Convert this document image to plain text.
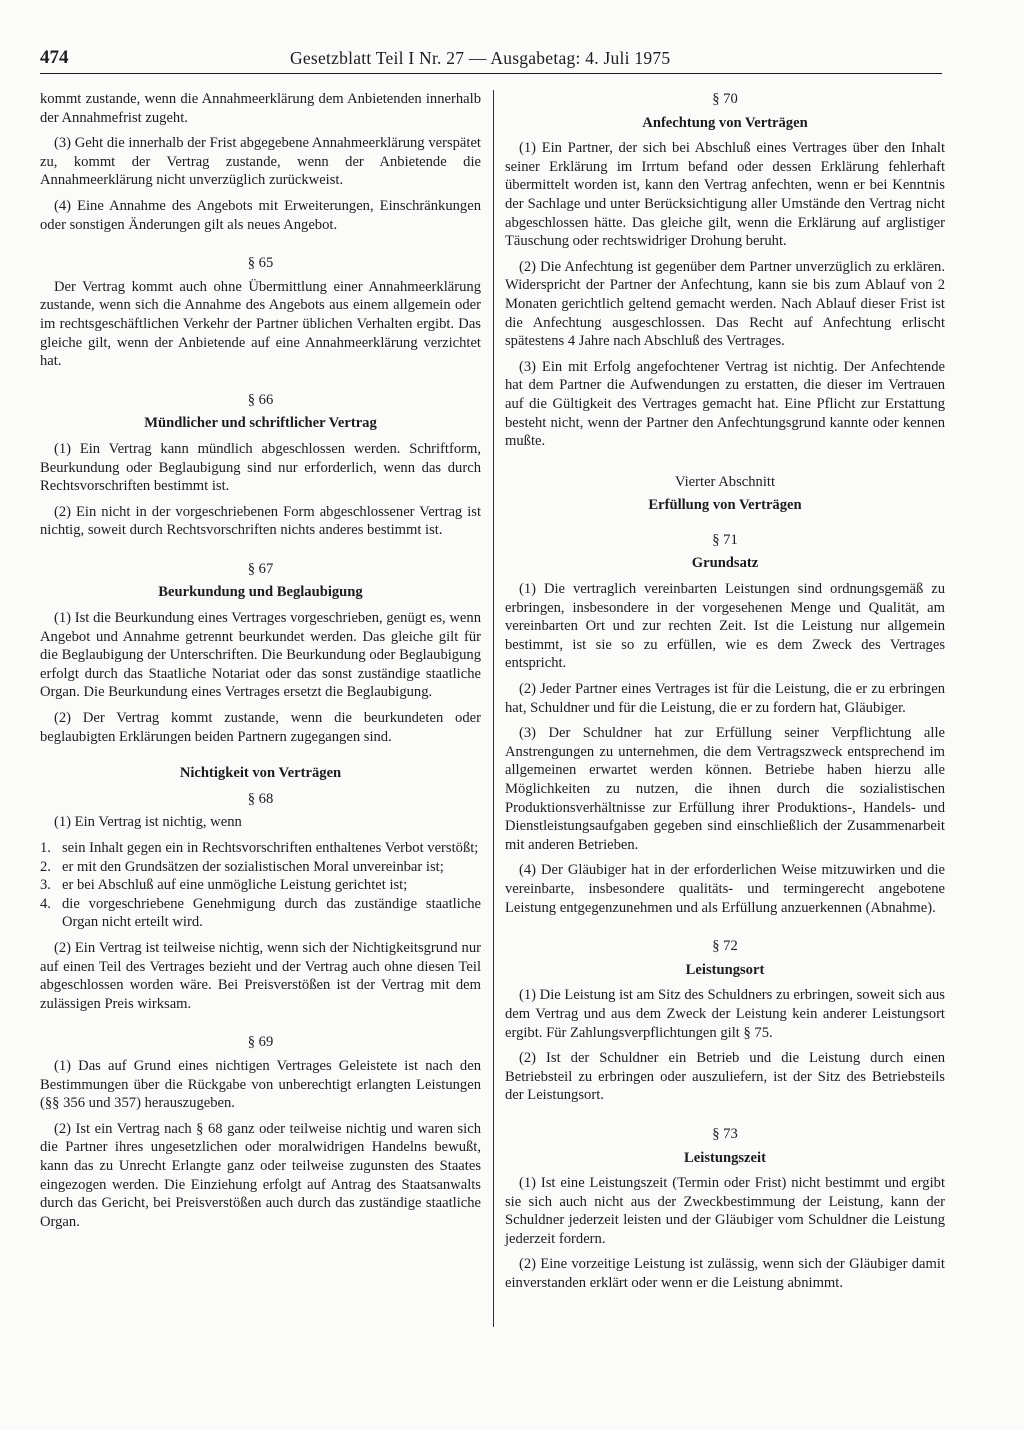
474	Gesetzblatt Teil I Nr. 27 — Ausgabetag: 4. Juli 1975

kommt zustande, wenn die Annahmeerklärung dem Anbietenden innerhalb der Annahmefrist zugeht.

(3) Geht die innerhalb der Frist abgegebene Annahmeerklärung verspätet zu, kommt der Vertrag zustande, wenn der Anbietende die Annahmeerklärung nicht unverzüglich zurückweist.

(4) Eine Annahme des Angebots mit Erweiterungen, Einschränkungen oder sonstigen Änderungen gilt als neues Angebot.

§ 65

Der Vertrag kommt auch ohne Übermittlung einer Annahmeerklärung zustande, wenn sich die Annahme des Angebots aus einem allgemein oder im rechtsgeschäftlichen Verkehr der Partner üblichen Verhalten ergibt. Das gleiche gilt, wenn der Anbietende auf eine Annahmeerklärung verzichtet hat.

§ 66
Mündlicher und schriftlicher Vertrag

(1) Ein Vertrag kann mündlich abgeschlossen werden. Schriftform, Beurkundung oder Beglaubigung sind nur erforderlich, wenn das durch Rechtsvorschriften bestimmt ist.

(2) Ein nicht in der vorgeschriebenen Form abgeschlossener Vertrag ist nichtig, soweit durch Rechtsvorschriften nichts anderes bestimmt ist.

§ 67
Beurkundung und Beglaubigung

(1) Ist die Beurkundung eines Vertrages vorgeschrieben, genügt es, wenn Angebot und Annahme getrennt beurkundet werden. Das gleiche gilt für die Beglaubigung der Unterschriften. Die Beurkundung oder Beglaubigung erfolgt durch das Staatliche Notariat oder das sonst zuständige staatliche Organ. Die Beurkundung eines Vertrages ersetzt die Beglaubigung.

(2) Der Vertrag kommt zustande, wenn die beurkundeten oder beglaubigten Erklärungen beiden Partnern zugegangen sind.

Nichtigkeit von Verträgen
§ 68

(1) Ein Vertrag ist nichtig, wenn

1. sein Inhalt gegen ein in Rechtsvorschriften enthaltenes Verbot verstößt;
2. er mit den Grundsätzen der sozialistischen Moral unvereinbar ist;
3. er bei Abschluß auf eine unmögliche Leistung gerichtet ist;
4. die vorgeschriebene Genehmigung durch das zuständige staatliche Organ nicht erteilt wird.

(2) Ein Vertrag ist teilweise nichtig, wenn sich der Nichtigkeitsgrund nur auf einen Teil des Vertrages bezieht und der Vertrag auch ohne diesen Teil abgeschlossen worden wäre. Bei Preisverstößen ist der Vertrag mit dem zulässigen Preis wirksam.

§ 69

(1) Das auf Grund eines nichtigen Vertrages Geleistete ist nach den Bestimmungen über die Rückgabe von unberechtigt erlangten Leistungen (§§ 356 und 357) herauszugeben.

(2) Ist ein Vertrag nach § 68 ganz oder teilweise nichtig und waren sich die Partner ihres ungesetzlichen oder moralwidrigen Handelns bewußt, kann das zu Unrecht Erlangte ganz oder teilweise zugunsten des Staates eingezogen werden. Die Einziehung erfolgt auf Antrag des Staatsanwalts durch das Gericht, bei Preisverstößen auch durch das zuständige staatliche Organ.

§ 70
Anfechtung von Verträgen

(1) Ein Partner, der sich bei Abschluß eines Vertrages über den Inhalt seiner Erklärung im Irrtum befand oder dessen Erklärung fehlerhaft übermittelt worden ist, kann den Vertrag anfechten, wenn er bei Kenntnis der Sachlage und unter Berücksichtigung aller Umstände den Vertrag nicht abgeschlossen hätte. Das gleiche gilt, wenn die Erklärung auf arglistiger Täuschung oder rechtswidriger Drohung beruht.

(2) Die Anfechtung ist gegenüber dem Partner unverzüglich zu erklären. Widerspricht der Partner der Anfechtung, kann sie bis zum Ablauf von 2 Monaten gerichtlich geltend gemacht werden. Nach Ablauf dieser Frist ist die Anfechtung ausgeschlossen. Das Recht auf Anfechtung erlischt spätestens 4 Jahre nach Abschluß des Vertrages.

(3) Ein mit Erfolg angefochtener Vertrag ist nichtig. Der Anfechtende hat dem Partner die Aufwendungen zu erstatten, die dieser im Vertrauen auf die Gültigkeit des Vertrages gemacht hat. Eine Pflicht zur Erstattung besteht nicht, wenn der Partner den Anfechtungsgrund kannte oder kennen mußte.

Vierter Abschnitt
Erfüllung von Verträgen
§ 71
Grundsatz

(1) Die vertraglich vereinbarten Leistungen sind ordnungsgemäß zu erbringen, insbesondere in der vorgesehenen Menge und Qualität, am vereinbarten Ort und zur rechten Zeit. Ist die Leistung nur allgemein bestimmt, ist sie so zu erfüllen, wie es dem Zweck des Vertrages entspricht.

(2) Jeder Partner eines Vertrages ist für die Leistung, die er zu erbringen hat, Schuldner und für die Leistung, die er zu fordern hat, Gläubiger.

(3) Der Schuldner hat zur Erfüllung seiner Verpflichtung alle Anstrengungen zu unternehmen, die dem Vertragszweck entsprechend im allgemeinen erwartet werden können. Betriebe haben hierzu alle Möglichkeiten zu nutzen, die ihnen durch die sozialistischen Produktionsverhältnisse zur Erfüllung ihrer Produktions-, Handels- und Dienstleistungsaufgaben gegeben sind einschließlich der Zusammenarbeit mit anderen Betrieben.

(4) Der Gläubiger hat in der erforderlichen Weise mitzuwirken und die vereinbarte, insbesondere qualitäts- und termingerecht angebotene Leistung entgegenzunehmen und als Erfüllung anzuerkennen (Abnahme).

§ 72
Leistungsort

(1) Die Leistung ist am Sitz des Schuldners zu erbringen, soweit sich aus dem Vertrag und aus dem Zweck der Leistung kein anderer Leistungsort ergibt. Für Zahlungsverpflichtungen gilt § 75.

(2) Ist der Schuldner ein Betrieb und die Leistung durch einen Betriebsteil zu erbringen oder auszuliefern, ist der Sitz des Betriebsteils der Leistungsort.

§ 73
Leistungszeit

(1) Ist eine Leistungszeit (Termin oder Frist) nicht bestimmt und ergibt sie sich auch nicht aus der Zweckbestimmung der Leistung, kann der Schuldner jederzeit leisten und der Gläubiger vom Schuldner die Leistung jederzeit fordern.

(2) Eine vorzeitige Leistung ist zulässig, wenn sich der Gläubiger damit einverstanden erklärt oder wenn er die Leistung abnimmt.
